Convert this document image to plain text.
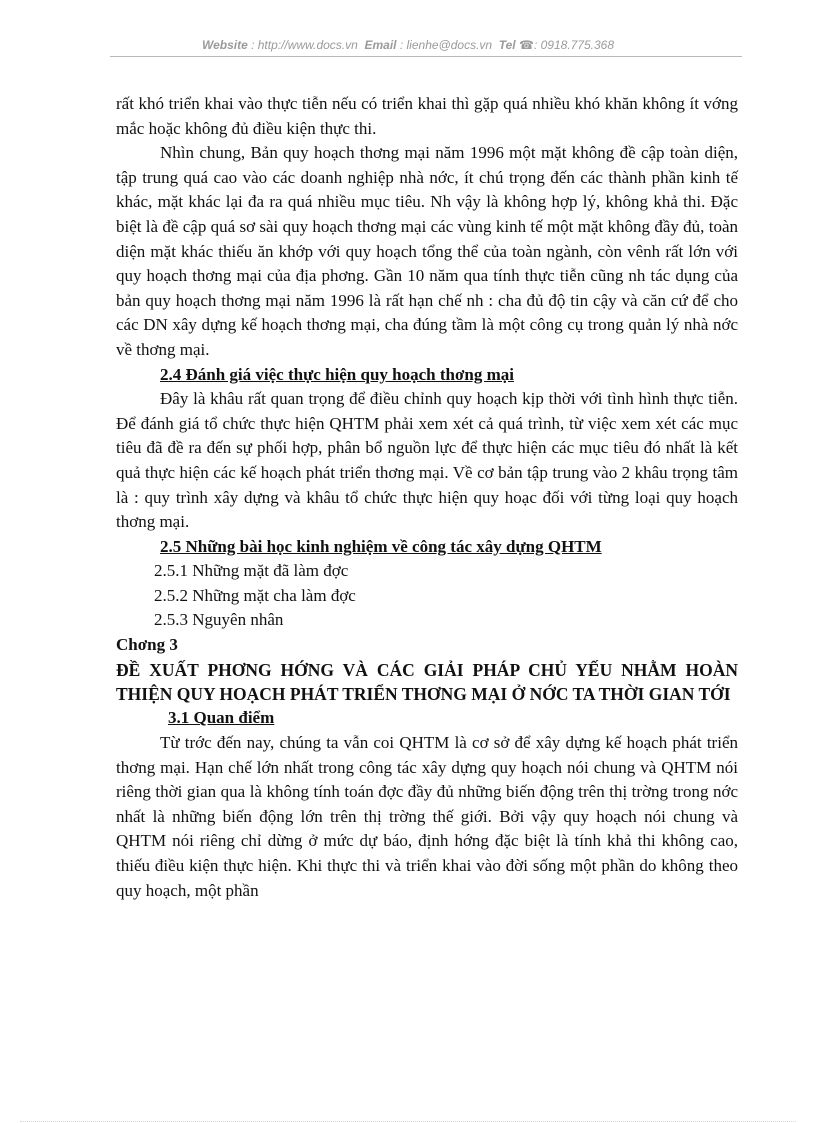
Website : http://www.docs.vn Email : lienhe@docs.vn Tel ☎: 0918.775.368

rất khó triển khai vào thực tiễn nếu có triển khai thì gặp quá nhiều khó khăn không ít vớng mắc hoặc không đủ điều kiện thực thi.

Nhìn chung, Bản quy hoạch thơng mại năm 1996 một mặt không đề cập toàn diện, tập trung quá cao vào các doanh nghiệp nhà nớc, ít chú trọng đến các thành phần kinh tế khác, mặt khác lại đa ra quá nhiều mục tiêu. Nh vậy là không hợp lý, không khả thi. Đặc biệt là đề cập quá sơ sài quy hoạch thơng mại các vùng kinh tế một mặt không đầy đủ, toàn diện mặt khác thiếu ăn khớp với quy hoạch tổng thể của toàn ngành, còn vênh rất lớn với quy hoạch thơng mại của địa phơng. Gần 10 năm qua tính thực tiễn cũng nh tác dụng của bản quy hoạch thơng mại năm 1996 là rất hạn chế nh : cha đủ độ tin cậy và căn cứ để cho các DN xây dựng kế hoạch thơng mại, cha đúng tầm là một công cụ trong quản lý nhà nớc về thơng mại.

2.4 Đánh giá việc thực hiện quy hoạch thơng mại

Đây là khâu rất quan trọng để điều chỉnh quy hoạch kịp thời với tình hình thực tiễn. Để đánh giá tổ chức thực hiện QHTM phải xem xét cả quá trình, từ việc xem xét các mục tiêu đã đề ra đến sự phối hợp, phân bổ nguồn lực để thực hiện các mục tiêu đó nhất là kết quả thực hiện các kế hoạch phát triển thơng mại. Về cơ bản tập trung vào 2 khâu trọng tâm là : quy trình xây dựng và khâu tổ chức thực hiện quy hoạc đối với từng loại quy hoạch thơng mại.

2.5 Những bài học kinh nghiệm về công tác xây dựng QHTM

2.5.1 Những mặt đã làm đợc

2.5.2 Những mặt cha làm đợc

2.5.3 Nguyên nhân

Chơng 3

ĐỀ XUẤT PHƠNG HỚNG VÀ CÁC GIẢI PHÁP CHỦ YẾU NHẰM HOÀN THIỆN QUY HOẠCH PHÁT TRIỂN THƠNG MẠI Ở NỚC TA THỜI GIAN TỚI

3.1 Quan điểm

Từ trớc đến nay, chúng ta vẫn coi QHTM là cơ sở để xây dựng kế hoạch phát triển thơng mại. Hạn chế lớn nhất trong công tác xây dựng quy hoạch nói chung và QHTM nói riêng thời gian qua là không tính toán đợc đầy đủ những biến động trên thị trờng trong nớc nhất là những biến động lớn trên thị trờng thế giới. Bởi vậy quy hoạch nói chung và QHTM nói riêng chỉ dừng ở mức dự báo, định hớng đặc biệt là tính khả thi không cao, thiếu điều kiện thực hiện. Khi thực thi và triển khai vào đời sống một phần do không theo quy hoạch, một phần
